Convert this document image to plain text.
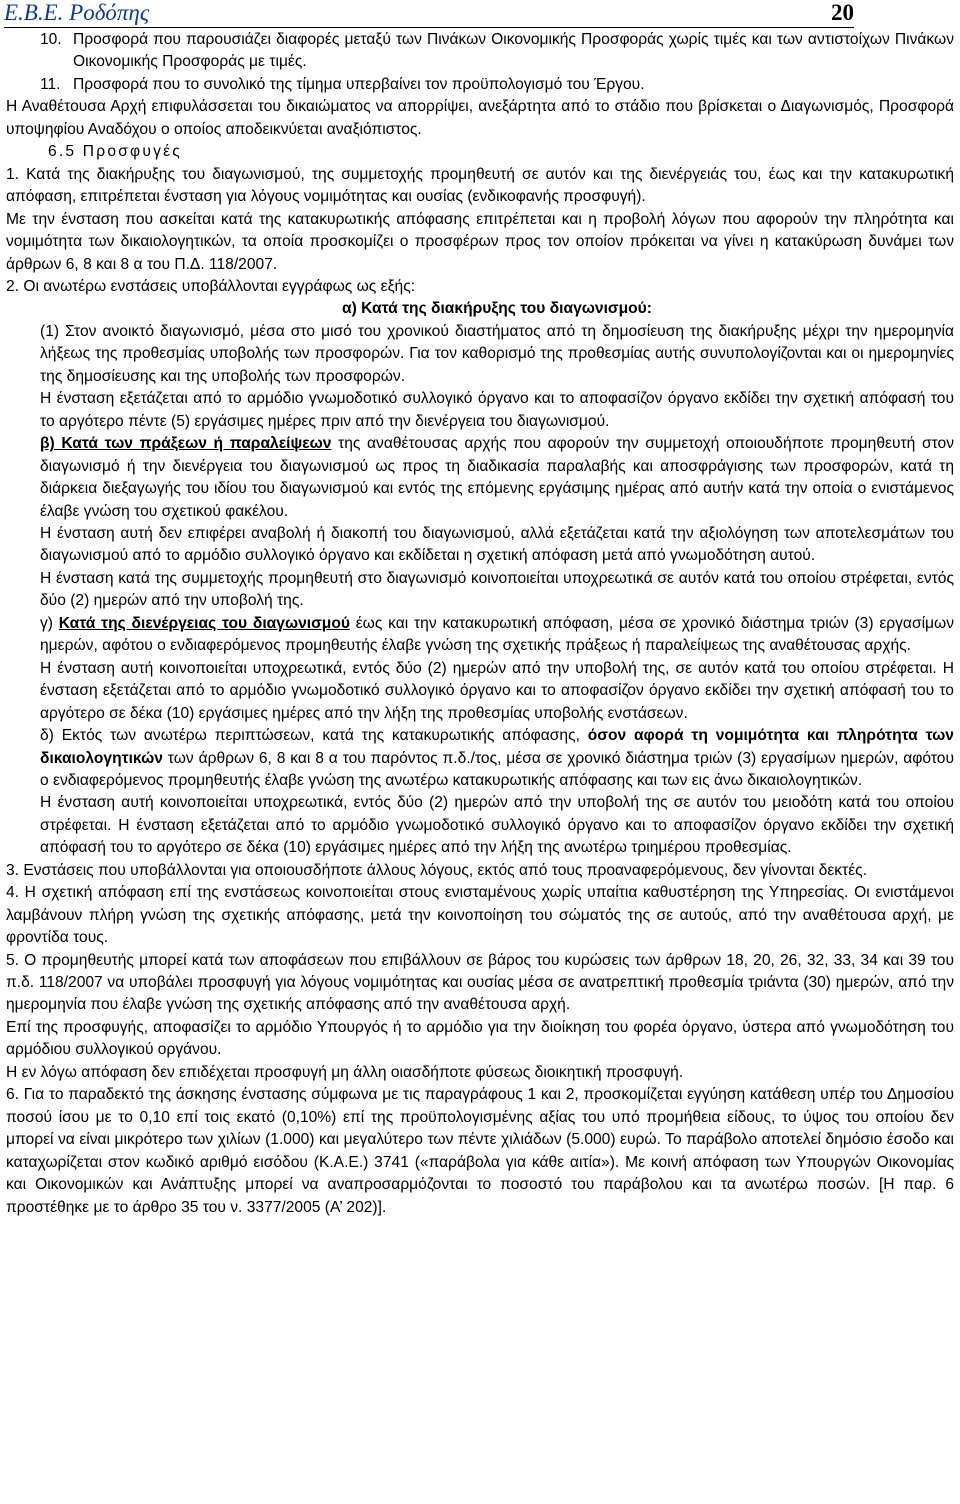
Ε.Β.Ε. Ροδόπης	20
10. Προσφορά που παρουσιάζει διαφορές μεταξύ των Πινάκων Οικονομικής Προσφοράς χωρίς τιμές και των αντιστοίχων Πινάκων Οικονομικής Προσφοράς με τιμές.
11. Προσφορά που το συνολικό της τίμημα υπερβαίνει τον προϋπολογισμό του Έργου.

Η Αναθέτουσα Αρχή επιφυλάσσεται του δικαιώματος να απορρίψει, ανεξάρτητα από το στάδιο που βρίσκεται ο Διαγωνισμός, Προσφορά υποψηφίου Αναδόχου ο οποίος αποδεικνύεται αναξιόπιστος.

6.5 Προσφυγές

1. Κατά της διακήρυξης του διαγωνισμού, της συμμετοχής προμηθευτή σε αυτόν και της διενέργειάς του, έως και την κατακυρωτική απόφαση, επιτρέπεται ένσταση για λόγους νομιμότητας και ουσίας (ενδικοφανής προσφυγή).

Με την ένσταση που ασκείται κατά της κατακυρωτικής απόφασης επιτρέπεται και η προβολή λόγων που αφορούν την πληρότητα και νομιμότητα των δικαιολογητικών, τα οποία προσκομίζει ο προσφέρων προς τον οποίον πρόκειται να γίνει η κατακύρωση δυνάμει των άρθρων 6, 8 και 8 α του Π.Δ. 118/2007.

2. Οι ανωτέρω ενστάσεις υποβάλλονται εγγράφως ως εξής:

α) Κατά της διακήρυξης του διαγωνισμού:

(1) Στον ανοικτό διαγωνισμό, μέσα στο μισό του χρονικού διαστήματος από τη δημοσίευση της διακήρυξης μέχρι την ημερομηνία λήξεως της προθεσμίας υποβολής των προσφορών. Για τον καθορισμό της προθεσμίας αυτής συνυπολογίζονται και οι ημερομηνίες της δημοσίευσης και της υποβολής των προσφορών.

Η ένσταση εξετάζεται από το αρμόδιο γνωμοδοτικό συλλογικό όργανο και το αποφασίζον όργανο εκδίδει την σχετική απόφασή του το αργότερο πέντε (5) εργάσιμες ημέρες πριν από την διενέργεια του διαγωνισμού.

β) Κατά των πράξεων ή παραλείψεων της αναθέτουσας αρχής που αφορούν την συμμετοχή οποιουδήποτε προμηθευτή στον διαγωνισμό ή την διενέργεια του διαγωνισμού ως προς τη διαδικασία παραλαβής και αποσφράγισης των προσφορών, κατά τη διάρκεια διεξαγωγής του ιδίου του διαγωνισμού και εντός της επόμενης εργάσιμης ημέρας από αυτήν κατά την οποία ο ενιστάμενος έλαβε γνώση του σχετικού φακέλου.

Η ένσταση αυτή δεν επιφέρει αναβολή ή διακοπή του διαγωνισμού, αλλά εξετάζεται κατά την αξιολόγηση των αποτελεσμάτων του διαγωνισμού από το αρμόδιο συλλογικό όργανο και εκδίδεται η σχετική απόφαση μετά από γνωμοδότηση αυτού.

Η ένσταση κατά της συμμετοχής προμηθευτή στο διαγωνισμό κοινοποιείται υποχρεωτικά σε αυτόν κατά του οποίου στρέφεται, εντός δύο (2) ημερών από την υποβολή της.

γ) Κατά της διενέργειας του διαγωνισμού έως και την κατακυρωτική απόφαση, μέσα σε χρονικό διάστημα τριών (3) εργασίμων ημερών, αφότου ο ενδιαφερόμενος προμηθευτής έλαβε γνώση της σχετικής πράξεως ή παραλείψεως της αναθέτουσας αρχής.

Η ένσταση αυτή κοινοποιείται υποχρεωτικά, εντός δύο (2) ημερών από την υποβολή της, σε αυτόν κατά του οποίου στρέφεται. Η ένσταση εξετάζεται από το αρμόδιο γνωμοδοτικό συλλογικό όργανο και το αποφασίζον όργανο εκδίδει την σχετική απόφασή του το αργότερο σε δέκα (10) εργάσιμες ημέρες από την λήξη της προθεσμίας υποβολής ενστάσεων.

δ) Εκτός των ανωτέρω περιπτώσεων, κατά της κατακυρωτικής απόφασης, όσον αφορά τη νομιμότητα και πληρότητα των δικαιολογητικών των άρθρων 6, 8 και 8 α του παρόντος π.δ./τος, μέσα σε χρονικό διάστημα τριών (3) εργασίμων ημερών, αφότου ο ενδιαφερόμενος προμηθευτής έλαβε γνώση της ανωτέρω κατακυρωτικής απόφασης και των εις άνω δικαιολογητικών.

Η ένσταση αυτή κοινοποιείται υποχρεωτικά, εντός δύο (2) ημερών από την υποβολή της σε αυτόν του μειοδότη κατά του οποίου στρέφεται. Η ένσταση εξετάζεται από το αρμόδιο γνωμοδοτικό συλλογικό όργανο και το αποφασίζον όργανο εκδίδει την σχετική απόφασή του το αργότερο σε δέκα (10) εργάσιμες ημέρες από την λήξη της ανωτέρω τριημέρου προθεσμίας.

3. Ενστάσεις που υποβάλλονται για οποιουσδήποτε άλλους λόγους, εκτός από τους προαναφερόμενους, δεν γίνονται δεκτές.

4. Η σχετική απόφαση επί της ενστάσεως κοινοποιείται στους ενισταμένους χωρίς υπαίτια καθυστέρηση της Υπηρεσίας. Οι ενιστάμενοι λαμβάνουν πλήρη γνώση της σχετικής απόφασης, μετά την κοινοποίηση του σώματός της σε αυτούς, από την αναθέτουσα αρχή, με φροντίδα τους.

5. Ο προμηθευτής μπορεί κατά των αποφάσεων που επιβάλλουν σε βάρος του κυρώσεις των άρθρων 18, 20, 26, 32, 33, 34 και 39 του π.δ. 118/2007 να υποβάλει προσφυγή για λόγους νομιμότητας και ουσίας μέσα σε ανατρεπτική προθεσμία τριάντα (30) ημερών, από την ημερομηνία που έλαβε γνώση της σχετικής απόφασης από την αναθέτουσα αρχή.

Επί της προσφυγής, αποφασίζει το αρμόδιο Υπουργός ή το αρμόδιο για την διοίκηση του φορέα όργανο, ύστερα από γνωμοδότηση του αρμόδιου συλλογικού οργάνου.

Η εν λόγω απόφαση δεν επιδέχεται προσφυγή μη άλλη οιασδήποτε φύσεως διοικητική προσφυγή.

6. Για το παραδεκτό της άσκησης ένστασης σύμφωνα με τις παραγράφους 1 και 2, προσκομίζεται εγγύηση κατάθεση υπέρ του Δημοσίου ποσού ίσου με το 0,10 επί τοις εκατό (0,10%) επί της προϋπολογισμένης αξίας του υπό προμήθεια είδους, το ύψος του οποίου δεν μπορεί να είναι μικρότερο των χιλίων (1.000) και μεγαλύτερο των πέντε χιλιάδων (5.000) ευρώ. Το παράβολο αποτελεί δημόσιο έσοδο και καταχωρίζεται στον κωδικό αριθμό εισόδου (Κ.Α.Ε.) 3741 («παράβολα για κάθε αιτία»). Με κοινή απόφαση των Υπουργών Οικονομίας και Οικονομικών και Ανάπτυξης μπορεί να αναπροσαρμόζονται το ποσοστό του παράβολου και τα ανωτέρω ποσών. [Η παρ. 6 προστέθηκε με το άρθρο 35 του ν. 3377/2005 (Α’ 202)].
